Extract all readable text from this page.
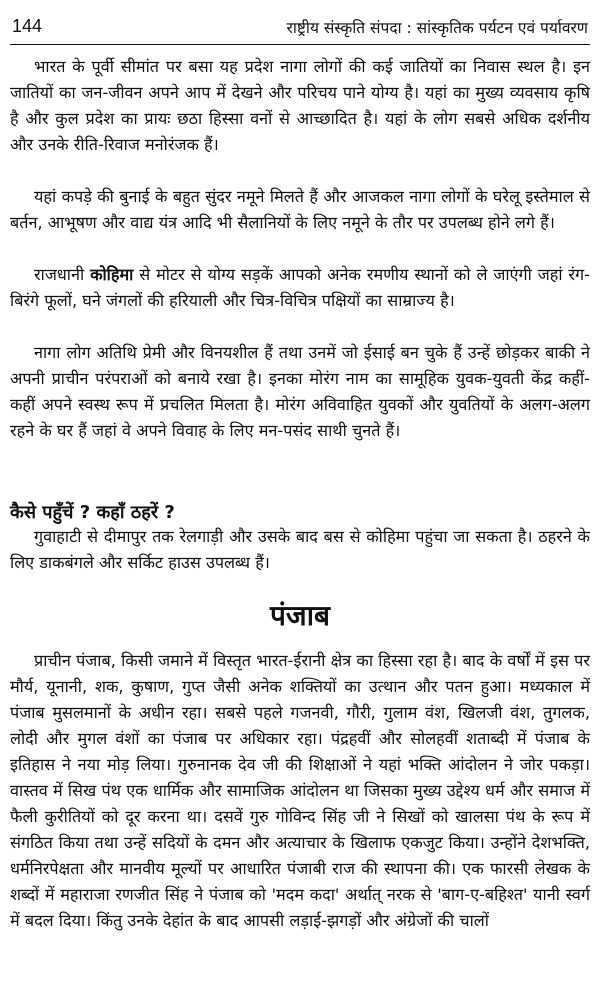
144	राष्ट्रीय संस्कृति संपदा : सांस्कृतिक पर्यटन एवं पर्यावरण

भारत के पूर्वी सीमांत पर बसा यह प्रदेश नागा लोगों की कई जातियों का निवास स्थल है। इन जातियों का जन-जीवन अपने आप में देखने और परिचय पाने योग्य है। यहां का मुख्य व्यवसाय कृषि है और कुल प्रदेश का प्रायः छठा हिस्सा वनों से आच्छादित है। यहां के लोग सबसे अधिक दर्शनीय और उनके रीति-रिवाज मनोरंजक हैं।

यहां कपड़े की बुनाई के बहुत सुंदर नमूने मिलते हैं और आजकल नागा लोगों के घरेलू इस्तेमाल से बर्तन, आभूषण और वाद्य यंत्र आदि भी सैलानियों के लिए नमूने के तौर पर उपलब्ध होने लगे हैं।

राजधानी कोहिमा से मोटर से योग्य सड़कें आपको अनेक रमणीय स्थानों को ले जाएंगी जहां रंग-बिरंगे फूलों, घने जंगलों की हरियाली और चित्र-विचित्र पक्षियों का साम्राज्य है।

नागा लोग अतिथि प्रेमी और विनयशील हैं तथा उनमें जो ईसाई बन चुके हैं उन्हें छोड़कर बाकी ने अपनी प्राचीन परंपराओं को बनाये रखा है। इनका मोरंग नाम का सामूहिक युवक-युवती केंद्र कहीं-कहीं अपने स्वस्थ रूप में प्रचलित मिलता है। मोरंग अविवाहित युवकों और युवतियों के अलग-अलग रहने के घर हैं जहां वे अपने विवाह के लिए मन-पसंद साथी चुनते हैं।

कैसे पहुँचें ? कहाँ ठहरें ?

गुवाहाटी से दीमापुर तक रेलगाड़ी और उसके बाद बस से कोहिमा पहुंचा जा सकता है। ठहरने के लिए डाकबंगले और सर्किट हाउस उपलब्ध हैं।

पंजाब

प्राचीन पंजाब, किसी जमाने में विस्तृत भारत-ईरानी क्षेत्र का हिस्सा रहा है। बाद के वर्षों में इस पर मौर्य, यूनानी, शक, कुषाण, गुप्त जैसी अनेक शक्तियों का उत्थान और पतन हुआ। मध्यकाल में पंजाब मुसलमानों के अधीन रहा। सबसे पहले गजनवी, गौरी, गुलाम वंश, खिलजी वंश, तुगलक, लोदी और मुगल वंशों का पंजाब पर अधिकार रहा। पंद्रहवीं और सोलहवीं शताब्दी में पंजाब के इतिहास ने नया मोड़ लिया। गुरुनानक देव जी की शिक्षाओं ने यहां भक्ति आंदोलन ने जोर पकड़ा। वास्तव में सिख पंथ एक धार्मिक और सामाजिक आंदोलन था जिसका मुख्य उद्देश्य धर्म और समाज में फैली कुरीतियों को दूर करना था। दसवें गुरु गोविन्द सिंह जी ने सिखों को खालसा पंथ के रूप में संगठित किया तथा उन्हें सदियों के दमन और अत्याचार के खिलाफ एकजुट किया। उन्होंने देशभक्ति, धर्मनिरपेक्षता और मानवीय मूल्यों पर आधारित पंजाबी राज की स्थापना की। एक फारसी लेखक के शब्दों में महाराजा रणजीत सिंह ने पंजाब को 'मदम कदा' अर्थात् नरक से 'बाग-ए-बहिश्त' यानी स्वर्ग में बदल दिया। किंतु उनके देहांत के बाद आपसी लड़ाई-झगड़ों और अंग्रेजों की चालों
